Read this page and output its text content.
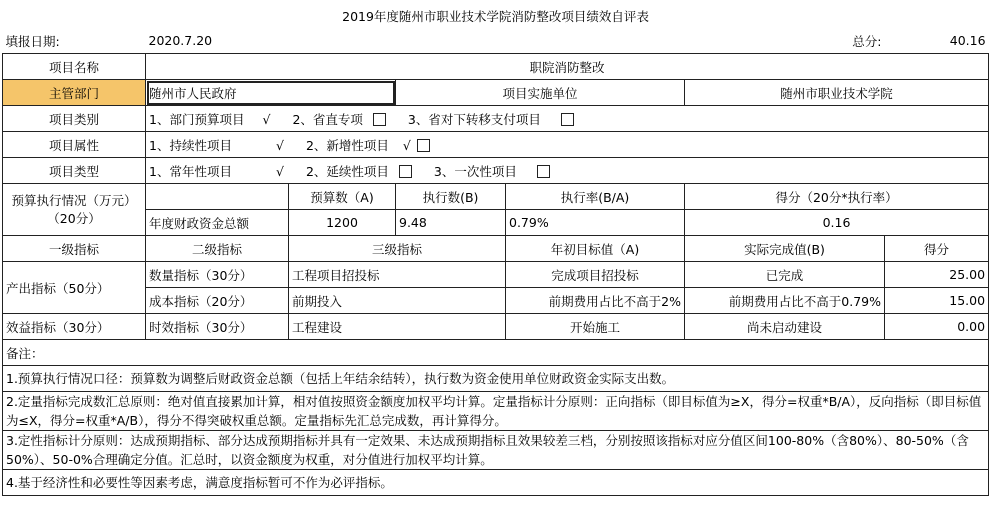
2019年度随州市职业技术学院消防整改项目绩效自评表							
填报日期:	2020.7.20					总分:	40.16
项目名称	职院消防整改						
主管部门	随州市人民政府		项目实施单位		随州市职业技术学院		
项目类别	1、部门预算项目 √ 2、省直专项 3、省对下转移支付项目						
项目属性	1、持续性项目 √ 2、新增性项目 √						
项目类型	1、常年性项目 √ 2、延续性项目 3、一次性项目						
预算执行情况（万元）（20分）		预算数（A)	执行数(B)	执行率(B/A)	得分（20分*执行率）		
	年度财政资金总额	1200	9.48	0.79%	0.16		
一级指标	二级指标	三级指标		年初目标值（A)	实际完成值(B)		得分
产出指标（50分）	数量指标（30分）	工程项目招投标		完成项目招投标	已完成		25.00
	成本指标（20分）	前期投入		前期费用占比不高于2%	前期费用占比不高于0.79%		15.00
效益指标（30分）	时效指标（30分）	工程建设		开始施工	尚未启动建设		0.00
备注：							
1.预算执行情况口径：预算数为调整后财政资金总额（包括上年结余结转），执行数为资金使用单位财政资金实际支出数。							
2.定量指标完成数汇总原则：绝对值直接累加计算，相对值按照资金额度加权平均计算。定量指标计分原则：正向指标（即目标值为≥X，得分=权重*B/A），反向指标（即目标值为≤X，得分=权重*A/B），得分不得突破权重总额。定量指标先汇总完成数，再计算得分。							
3.定性指标计分原则：达成预期指标、部分达成预期指标并具有一定效果、未达成预期指标且效果较差三档，分别按照该指标对应分值区间100-80%（含80%）、80-50%（含50%）、50-0%合理确定分值。汇总时，以资金额度为权重，对分值进行加权平均计算。							
4.基于经济性和必要性等因素考虑，满意度指标暂可不作为必评指标。							
